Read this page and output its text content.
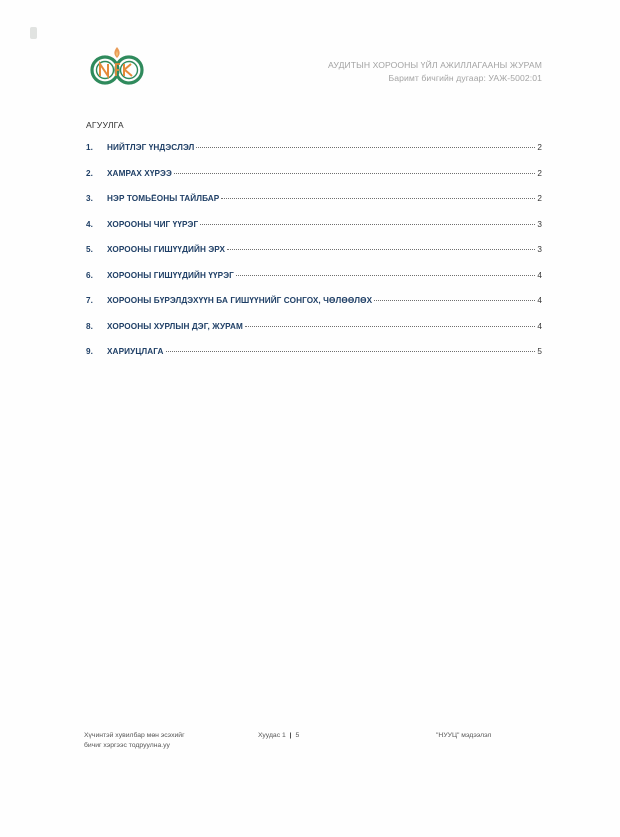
АУДИТЫН ХОРООНЫ ҮЙЛ АЖИЛЛАГААНЫ ЖУРАМ
Баримт бичгийн дугаар: УАЖ-5002:01
АГУУЛГА
1.	НИЙТЛЭГ ҮНДЭСЛЭЛ	2
2.	ХАМРАХ ХҮРЭЭ	2
3.	НЭР ТОМЬЁОНЫ ТАЙЛБАР	2
4.	ХОРООНЫ ЧИГ ҮҮРЭГ	3
5.	ХОРООНЫ ГИШҮҮДИЙН ЭРХ	3
6.	ХОРООНЫ ГИШҮҮДИЙН ҮҮРЭГ	4
7.	ХОРООНЫ БҮРЭЛДЭХҮҮН БА ГИШҮҮНИЙГ СОНГОХ, ЧӨЛӨӨЛӨХ	4
8.	ХОРООНЫ ХУРЛЫН ДЭГ, ЖУРАМ	4
9.	ХАРИУЦЛАГА	5
Хүчинтэй хувилбар мөн эсэхийг
бичиг хэргээс тодруулна.уу
Хуудас 1 | 5	"НУУЦ" мэдээлэл
